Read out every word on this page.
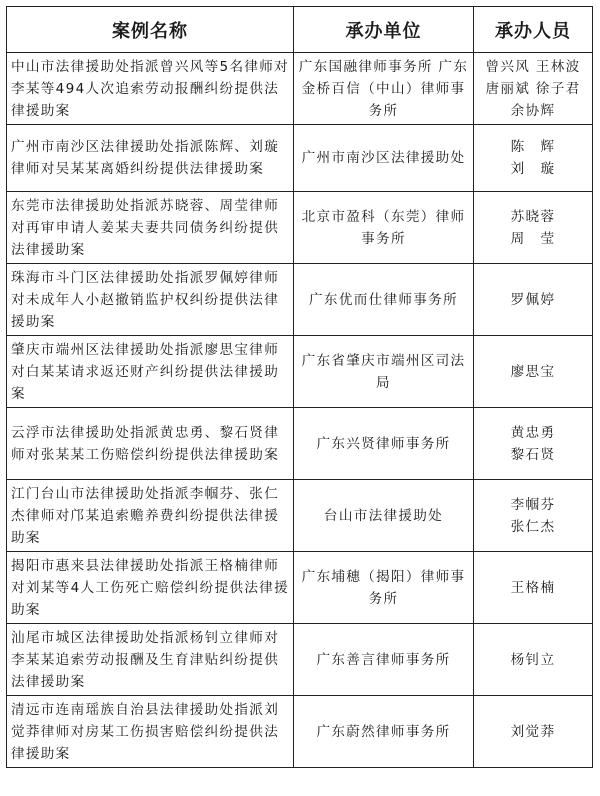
案例名称	承办单位	承办人员
中山市法律援助处指派曾兴风等5名律师对李某等494人次追索劳动报酬纠纷提供法律援助案	广东国融律师事务所 广东金桥百信（中山）律师事务所	曾兴风 王林波
唐丽斌 徐子君
余协辉

广州市南沙区法律援助处指派陈辉、刘璇律师对吴某某离婚纠纷提供法律援助案	广州市南沙区法律援助处	陈　辉
刘　璇

东莞市法律援助处指派苏晓蓉、周莹律师对再审申请人姜某夫妻共同债务纠纷提供法律援助案	北京市盈科（东莞）律师事务所	苏晓蓉
周　莹

珠海市斗门区法律援助处指派罗佩婷律师对未成年人小赵撤销监护权纠纷提供法律援助案	广东优而仕律师事务所	罗佩婷

肇庆市端州区法律援助处指派廖思宝律师对白某某请求返还财产纠纷提供法律援助案	广东省肇庆市端州区司法局	廖思宝

云浮市法律援助处指派黄忠勇、黎石贤律师对张某某工伤赔偿纠纷提供法律援助案	广东兴贤律师事务所	黄忠勇
黎石贤

江门台山市法律援助处指派李帼芬、张仁杰律师对邝某追索赡养费纠纷提供法律援助案	台山市法律援助处	李帼芬
张仁杰

揭阳市惠来县法律援助处指派王格楠律师对刘某等4人工伤死亡赔偿纠纷提供法律援助案	广东埔穗（揭阳）律师事务所	王格楠

汕尾市城区法律援助处指派杨钊立律师对李某某追索劳动报酬及生育津贴纠纷提供法律援助案	广东善言律师事务所	杨钊立

清远市连南瑶族自治县法律援助处指派刘觉莽律师对房某工伤损害赔偿纠纷提供法律援助案	广东蔚然律师事务所	刘觉莽
